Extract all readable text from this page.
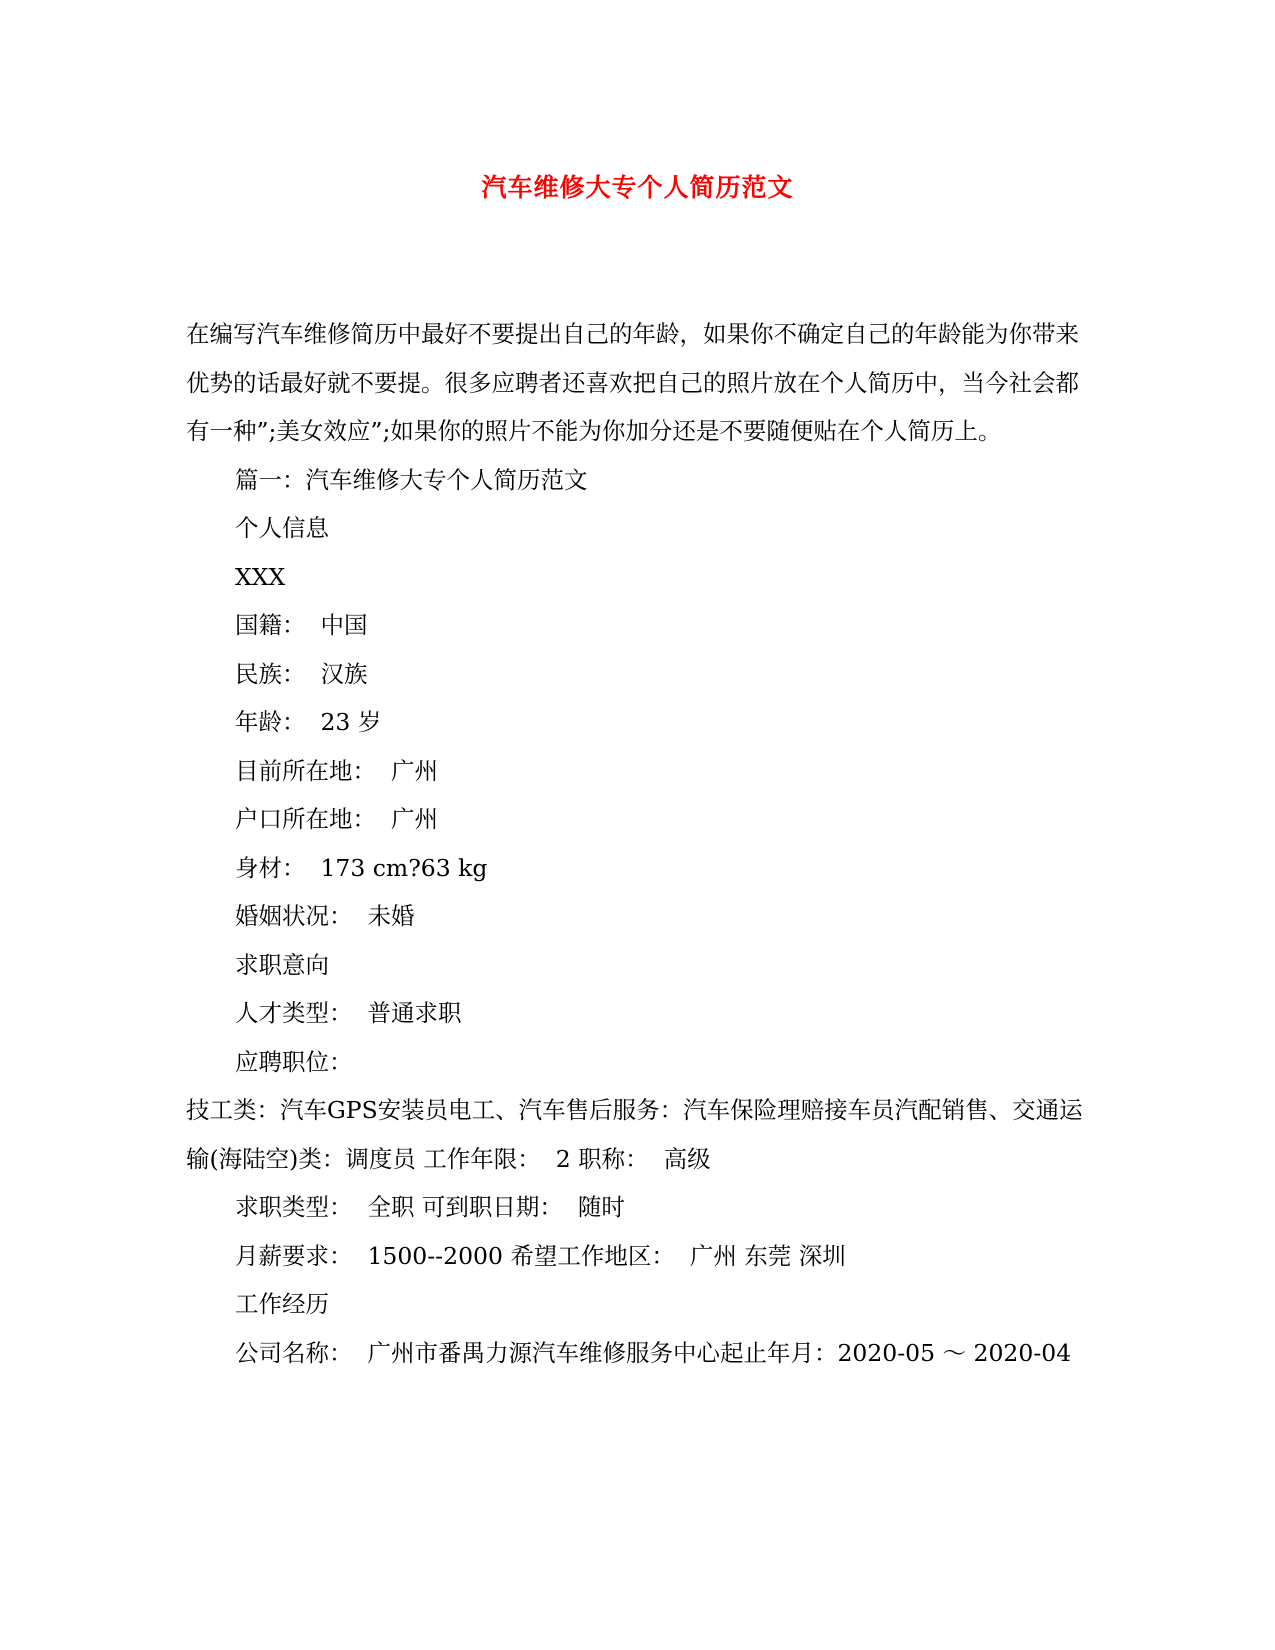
汽车维修大专个人简历范文

在编写汽车维修简历中最好不要提出自己的年龄，如果你不确定自己的年龄能为你带来优势的话最好就不要提。很多应聘者还喜欢把自己的照片放在个人简历中，当今社会都有一种”;美女效应”;如果你的照片不能为你加分还是不要随便贴在个人简历上。

篇一：汽车维修大专个人简历范文

个人信息

XXX

国籍：  中国

民族：  汉族

年龄：  23 岁

目前所在地：  广州

户口所在地：  广州

身材：  173 cm?63 kg

婚姻状况：  未婚

求职意向

人才类型：  普通求职

应聘职位：

技工类：汽车GPS安装员电工、汽车售后服务：汽车保险理赔接车员汽配销售、交通运输(海陆空)类：调度员 工作年限：  2 职称：  高级

求职类型：  全职 可到职日期：  随时

月薪要求：  1500--2000 希望工作地区：  广州 东莞 深圳

工作经历

公司名称：  广州市番禺力源汽车维修服务中心起止年月：2020-05 ～ 2020-04
